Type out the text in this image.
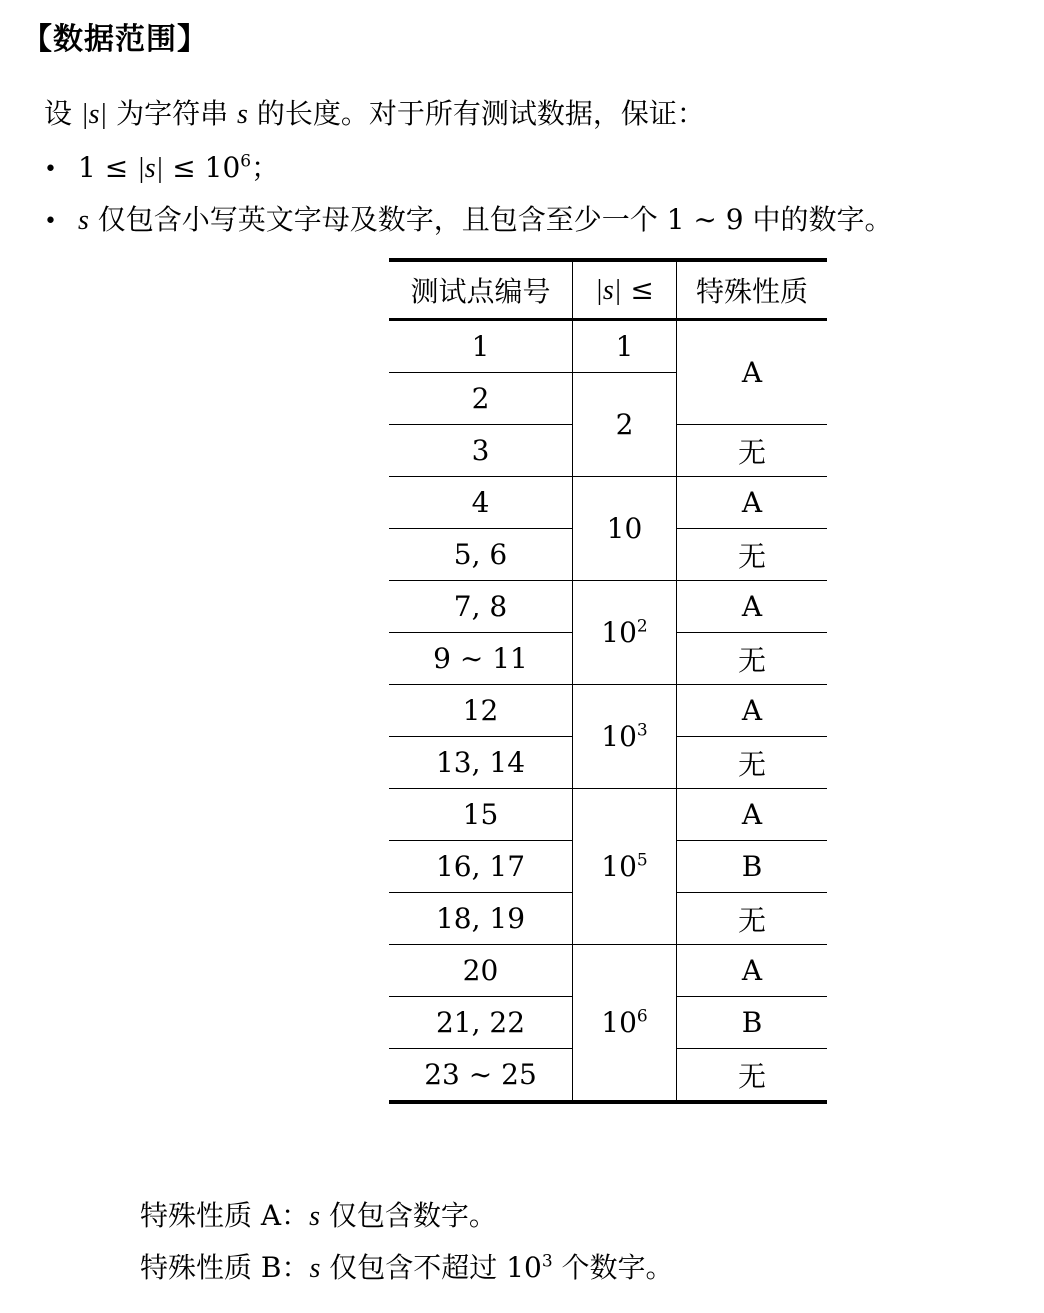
【数据范围】
设 |s| 为字符串 s 的长度。对于所有测试数据，保证：
• $1 \le |s| \le 10^6$；
• s 仅包含小写英文字母及数字，且包含至少一个 1 ∼ 9 中的数字。
测试点编号	|s| ≤	特殊性质
1	1	A
2	2	
3		无
4	10	A
5, 6		无
7, 8	$10^2$	A
9 ∼ 11		无
12	$10^3$	A
13, 14		无
15	$10^5$	A
16, 17		B
18, 19		无
20	$10^6$	A
21, 22		B
23 ∼ 25		无
特殊性质 A：s 仅包含数字。
特殊性质 B：s 仅包含不超过 $10^3$ 个数字。
